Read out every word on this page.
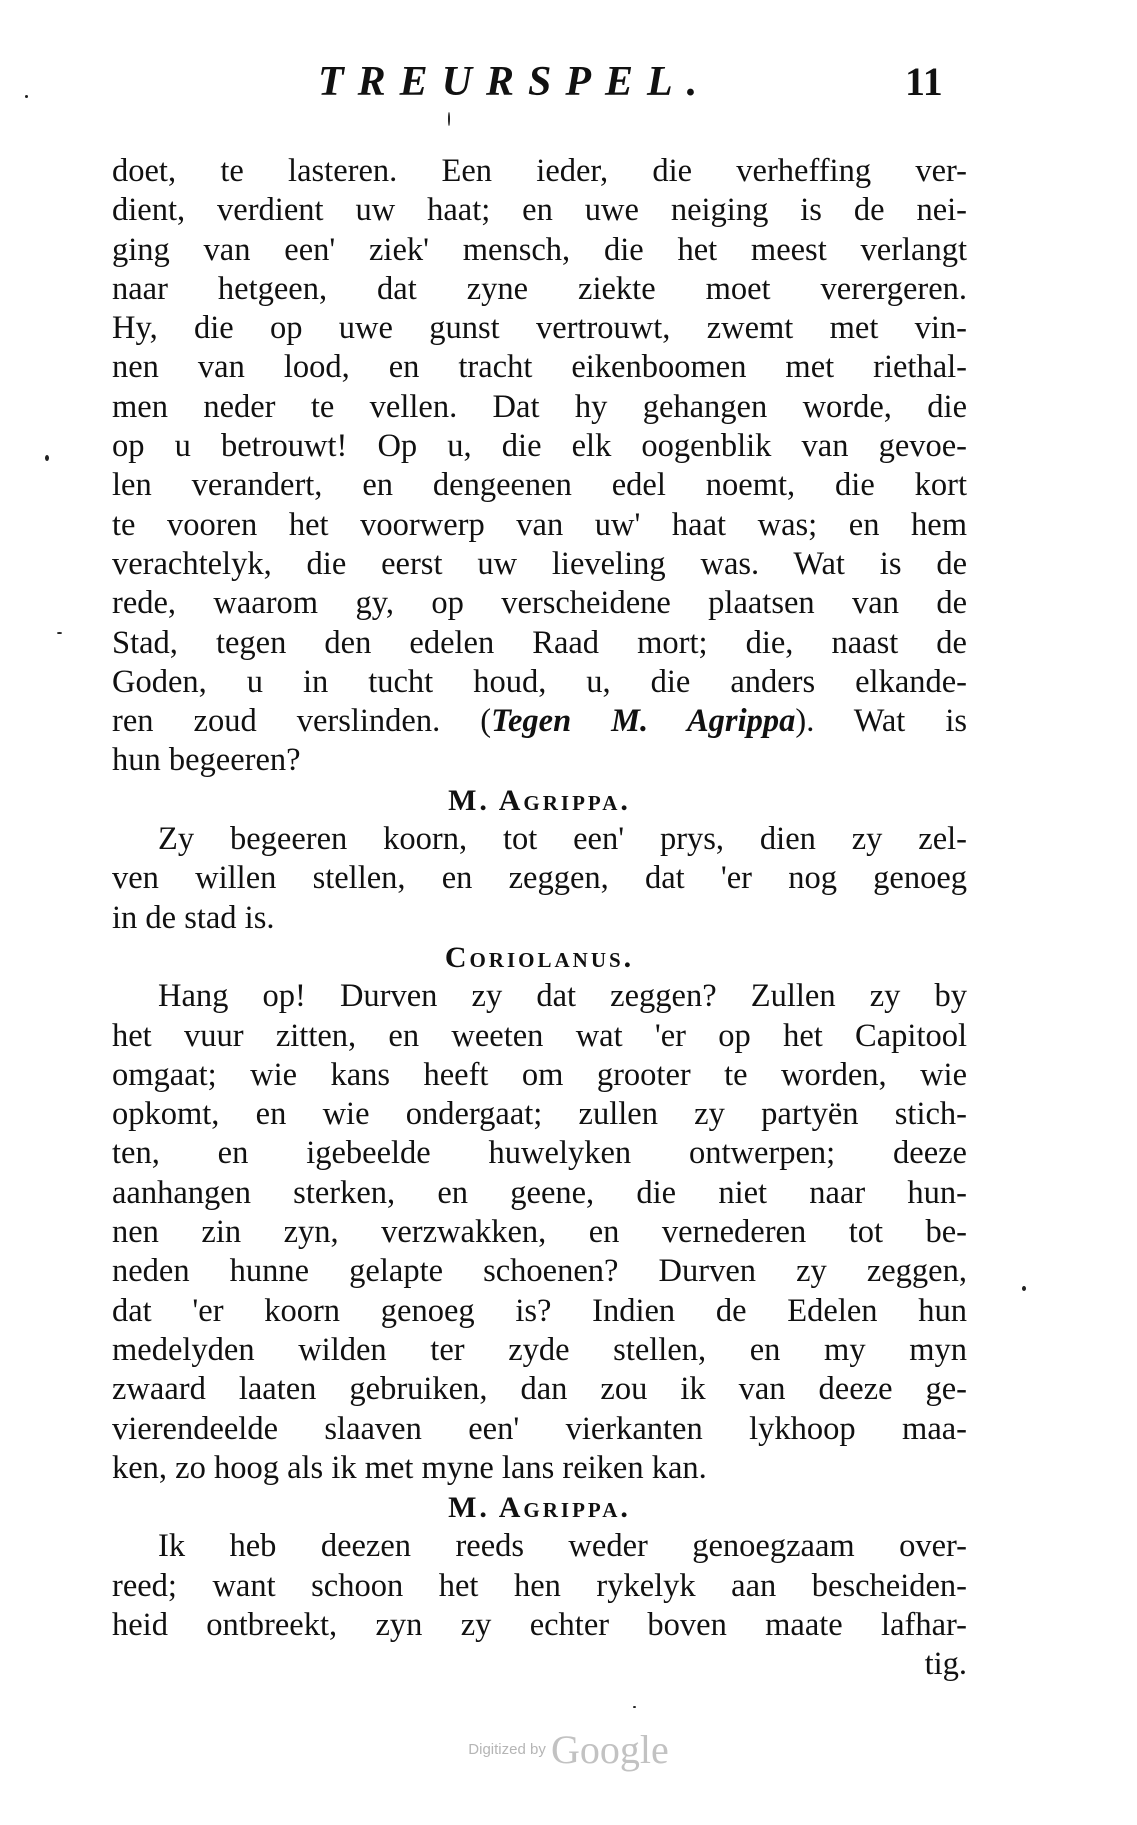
TREURSPEL.	11
doet, te lasteren. Een ieder, die verheffing ver-
dient, verdient uw haat; en uwe neiging is de nei-
ging van een' ziek' mensch, die het meest verlangt
naar hetgeen, dat zyne ziekte moet verergeren.
Hy, die op uwe gunst vertrouwt, zwemt met vin-
nen van lood, en tracht eikenboomen met riethal-
men neder te vellen. Dat hy gehangen worde, die
op u betrouwt! Op u, die elk oogenblik van gevoe-
len verandert, en dengeenen edel noemt, die kort
te vooren het voorwerp van uw' haat was; en hem
verachtelyk, die eerst uw lieveling was. Wat is de
rede, waarom gy, op verscheidene plaatsen van de
Stad, tegen den edelen Raad mort; die, naast de
Goden, u in tucht houd, u, die anders elkande-
ren zoud verslinden. (Tegen M. Agrippa). Wat is
hun begeeren?
M. Agrippa.
Zy begeeren koorn, tot een' prys, dien zy zel-
ven willen stellen, en zeggen, dat 'er nog genoeg
in de stad is.
Coriolanus.
Hang op! Durven zy dat zeggen? Zullen zy by
het vuur zitten, en weeten wat 'er op het Capitool
omgaat; wie kans heeft om grooter te worden, wie
opkomt, en wie ondergaat; zullen zy partyën stich-
ten, en igebeelde huwelyken ontwerpen; deeze
aanhangen sterken, en geene, die niet naar hun-
nen zin zyn, verzwakken, en vernederen tot be-
neden hunne gelapte schoenen? Durven zy zeggen,
dat 'er koorn genoeg is? Indien de Edelen hun
medelyden wilden ter zyde stellen, en my myn
zwaard laaten gebruiken, dan zou ik van deeze ge-
vierendeelde slaaven een' vierkanten lykhoop maa-
ken, zo hoog als ik met myne lans reiken kan.
M. Agrippa.
Ik heb deezen reeds weder genoegzaam over-
reed; want schoon het hen rykelyk aan bescheiden-
heid ontbreekt, zyn zy echter boven maate lafhar-
tig.
Digitized by Google
